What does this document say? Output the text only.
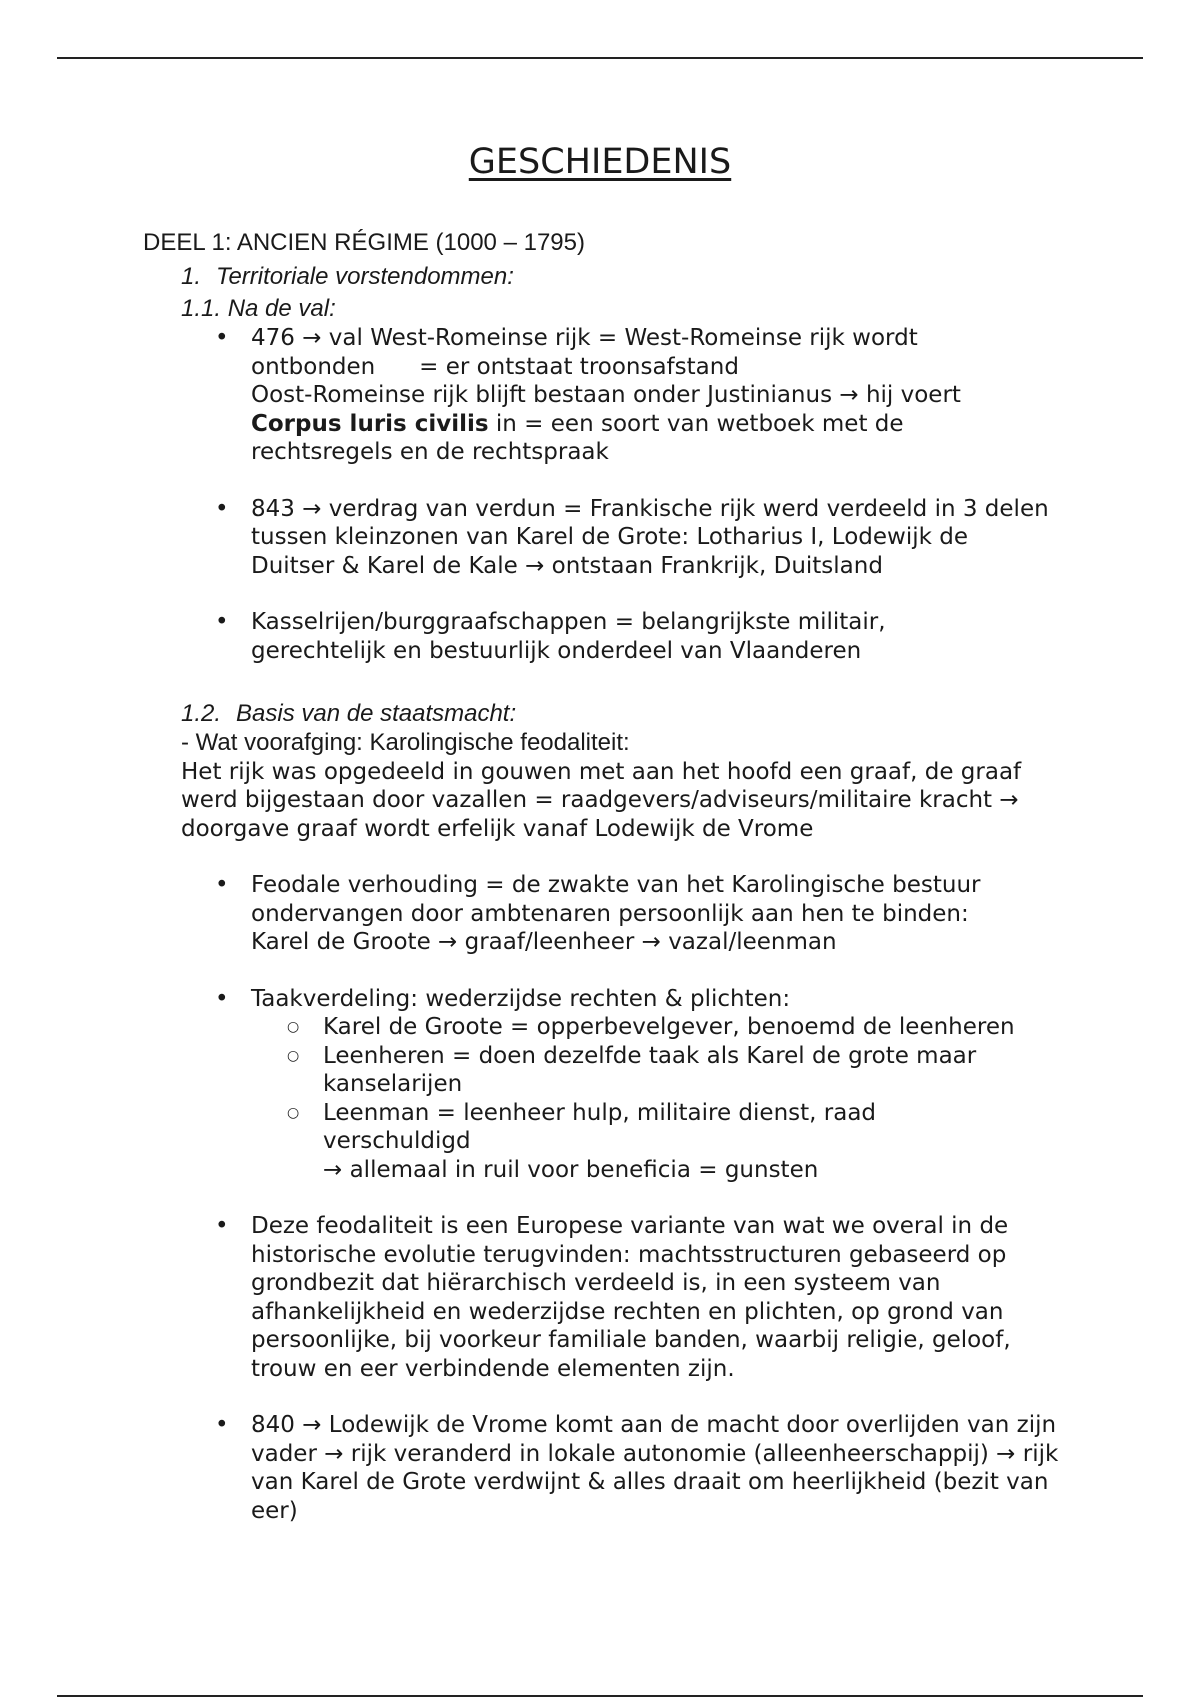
GESCHIEDENIS
DEEL 1: ANCIEN RÉGIME (1000 – 1795)
1. Territoriale vorstendommen:
1.1. Na de val:
• 476 → val West-Romeinse rijk = West-Romeinse rijk wordt ontbonden      = er ontstaat troonsafstand
Oost-Romeinse rijk blijft bestaan onder Justinianus → hij voert
Corpus luris civilis in = een soort van wetboek met de rechtsregels en de rechtspraak
• 843 → verdrag van verdun = Frankische rijk werd verdeeld in 3 delen tussen kleinzonen van Karel de Grote: Lotharius I, Lodewijk de Duitser & Karel de Kale → ontstaan Frankrijk, Duitsland
• Kasselrijen/burggraafschappen = belangrijkste militair, gerechtelijk en bestuurlijk onderdeel van Vlaanderen
1.2. Basis van de staatsmacht:
- Wat voorafging: Karolingische feodaliteit:
Het rijk was opgedeeld in gouwen met aan het hoofd een graaf, de graaf werd bijgestaan door vazallen = raadgevers/adviseurs/militaire kracht → doorgave graaf wordt erfelijk vanaf Lodewijk de Vrome
• Feodale verhouding = de zwakte van het Karolingische bestuur ondervangen door ambtenaren persoonlijk aan hen te binden: Karel de Groote → graaf/leenheer → vazal/leenman
• Taakverdeling: wederzijdse rechten & plichten:
○ Karel de Groote = opperbevelgever, benoemd de leenheren
○ Leenheren = doen dezelfde taak als Karel de grote maar kanselarijen
○ Leenman = leenheer hulp, militaire dienst, raad verschuldigd
→ allemaal in ruil voor beneficia = gunsten
• Deze feodaliteit is een Europese variante van wat we overal in de historische evolutie terugvinden: machtsstructuren gebaseerd op grondbezit dat hiërarchisch verdeeld is, in een systeem van afhankelijkheid en wederzijdse rechten en plichten, op grond van persoonlijke, bij voorkeur familiale banden, waarbij religie, geloof, trouw en eer verbindende elementen zijn.
• 840 → Lodewijk de Vrome komt aan de macht door overlijden van zijn vader → rijk veranderd in lokale autonomie (alleenheerschappij) → rijk van Karel de Grote verdwijnt & alles draait om heerlijkheid (bezit van eer)
